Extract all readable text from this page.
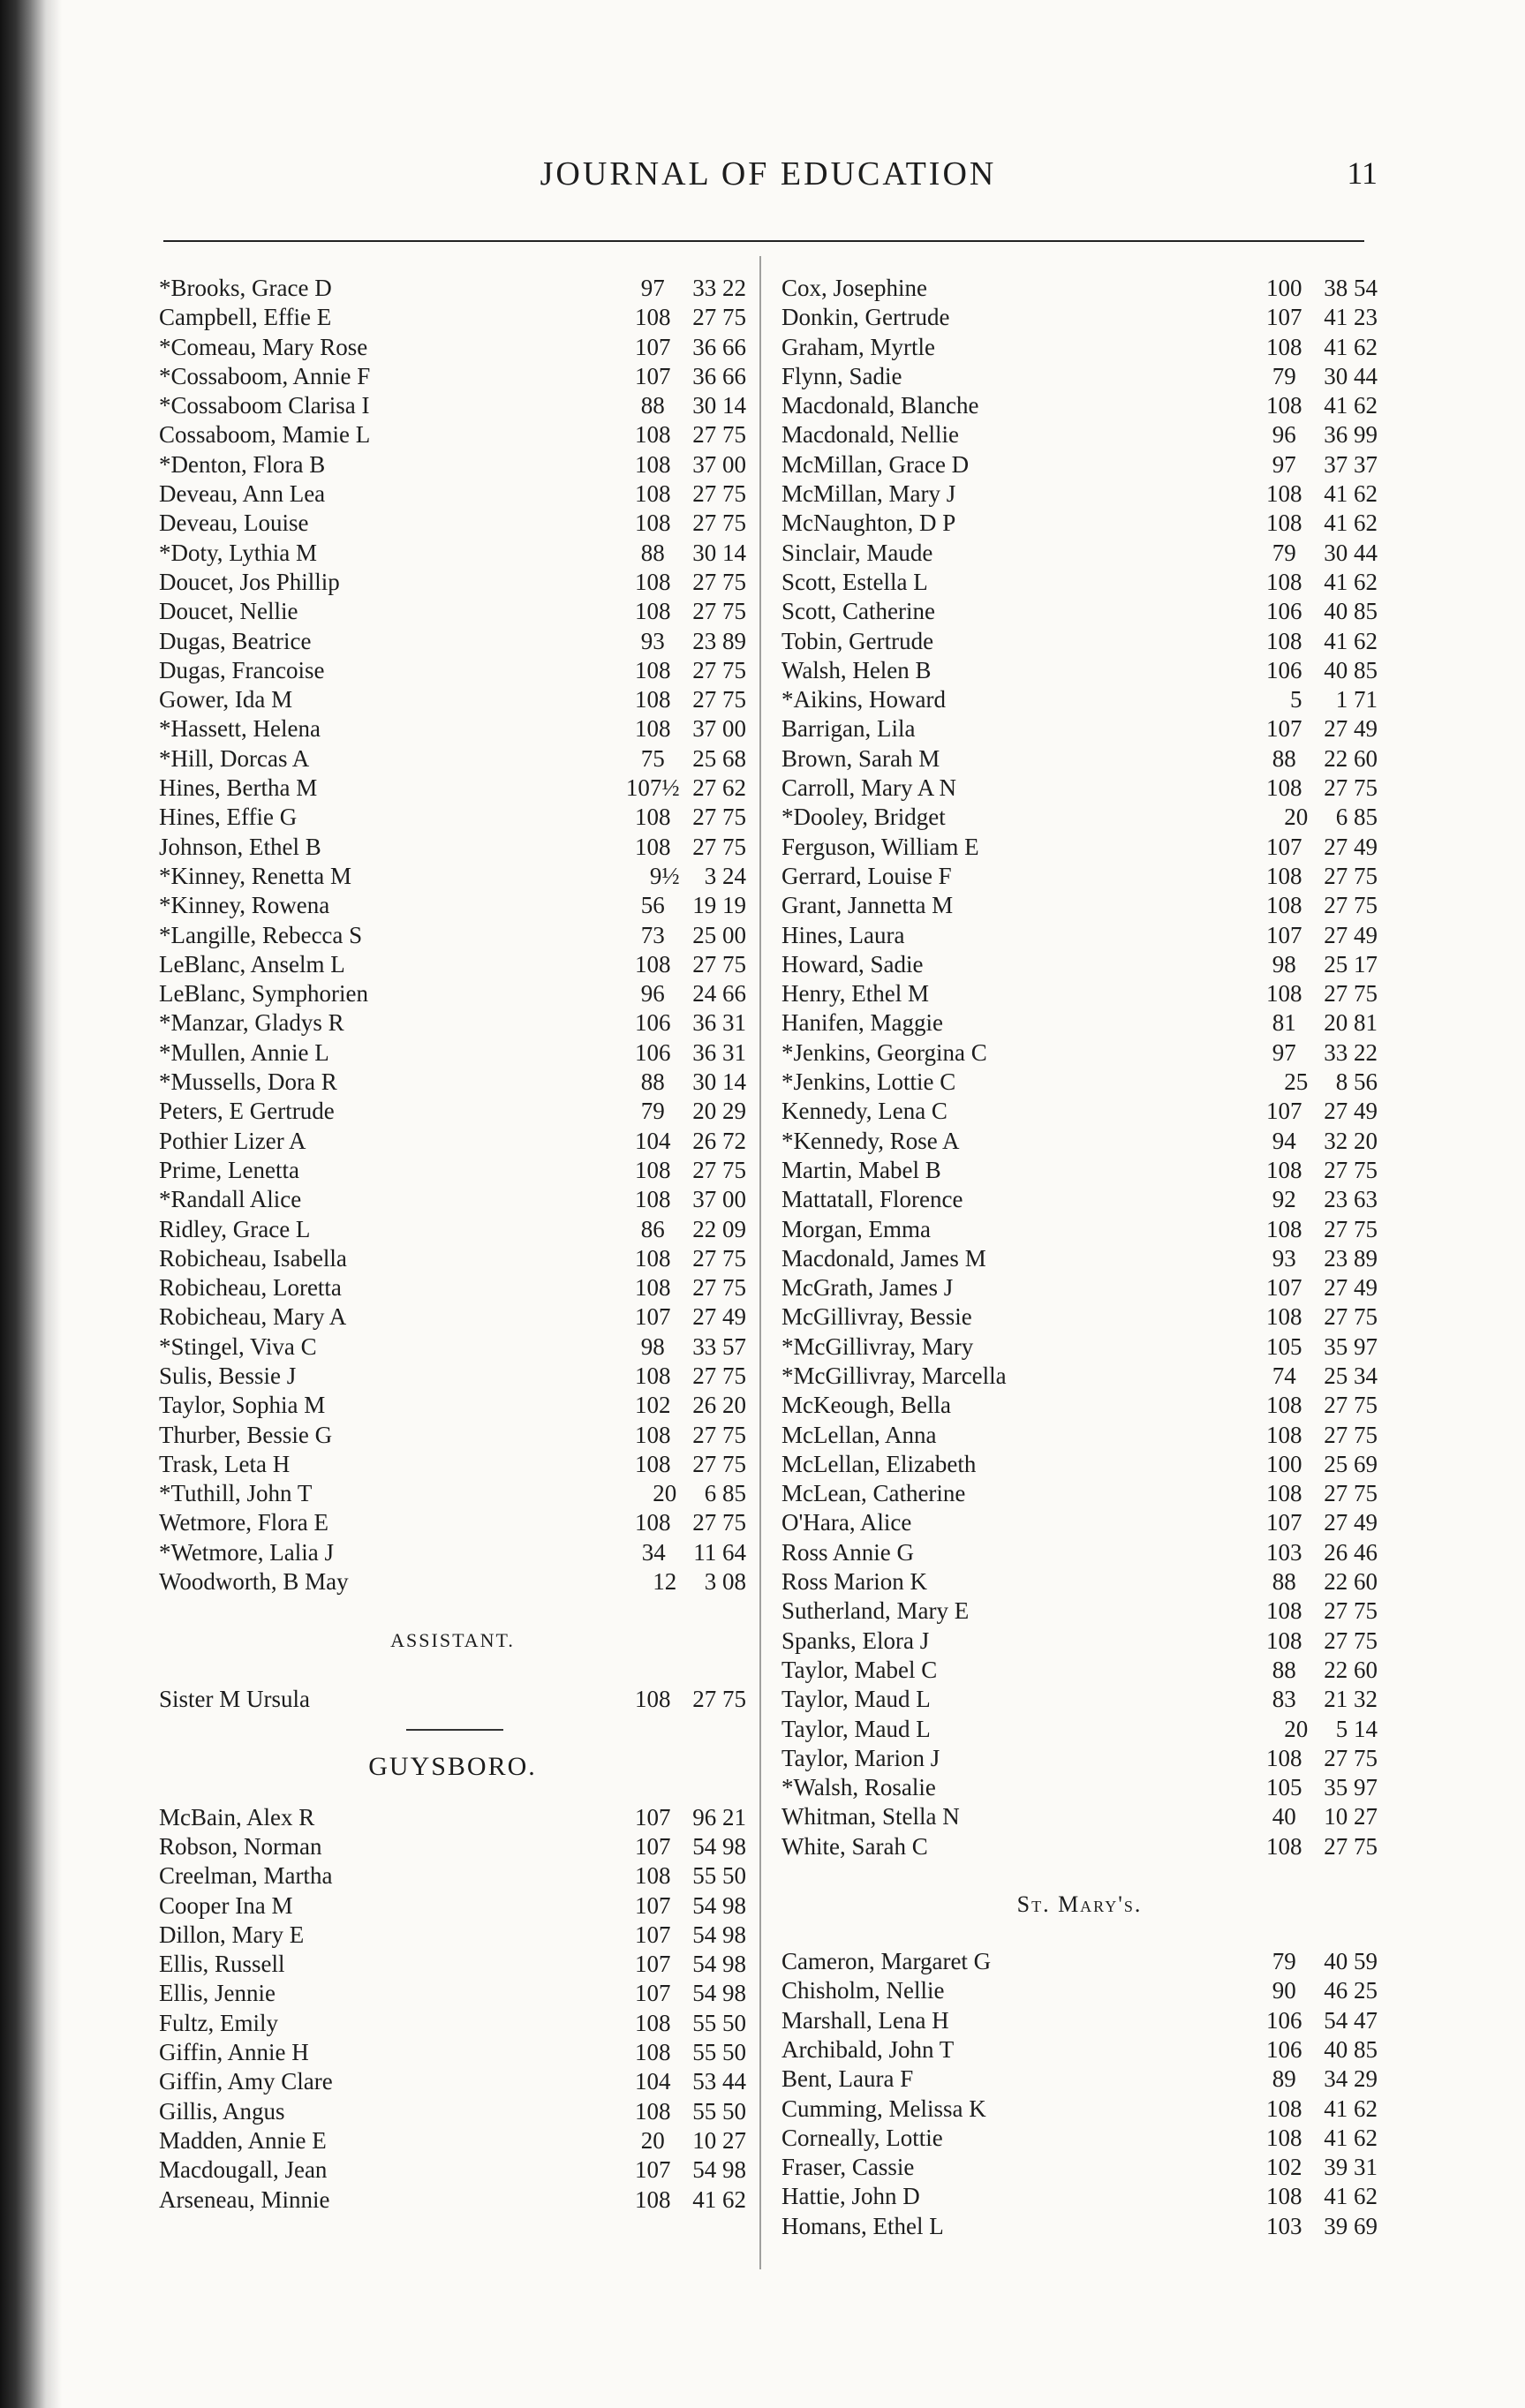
JOURNAL OF EDUCATION	11
*Brooks, Grace D	97	33 22
Campbell, Effie E	108 27 75
*Comeau, Mary Rose	107 36 66
*Cossaboom, Annie F	107 36 66
*Cossaboom Clarisa I	88	30 14
Cossaboom, Mamie L	108 27 75
*Denton, Flora B	108 37 00
Deveau, Ann Lea	108 27 75
Deveau, Louise	108 27 75
*Doty, Lythia M	88	30 14
Doucet, Jos Phillip	108 27 75
Doucet, Nellie	108 27 75
Dugas, Beatrice	93	23 89
Dugas, Francoise	108 27 75
Gower, Ida M	108 27 75
*Hassett, Helena	108 37 00
*Hill, Dorcas A	75	25 68
Hines, Bertha M	107½ 27 62
Hines, Effie G	108 27 75
Johnson, Ethel B	108 27 75
*Kinney, Renetta M	9½	3 24
*Kinney, Rowena	56	19 19
*Langille, Rebecca S	73	25 00
LeBlanc, Anselm L	108 27 75
LeBlanc, Symphorien	96	24 66
*Manzar, Gladys R	106 36 31
*Mullen, Annie L	106 36 31
*Mussells, Dora R	88	30 14
Peters, E Gertrude	79	20 29
Pothier Lizer A	104 26 72
Prime, Lenetta	108 27 75
*Randall Alice	108 37 00
Ridley, Grace L	86	22 09
Robicheau, Isabella	108 27 75
Robicheau, Loretta	108 27 75
Robicheau, Mary A	107 27 49
*Stingel, Viva C	98	33 57
Sulis, Bessie J	108 27 75
Taylor, Sophia M	102 26 20
Thurber, Bessie G	108 27 75
Trask, Leta H	108 27 75
*Tuthill, John T	20	6 85
Wetmore, Flora E	108 27 75
*Wetmore, Lalia J	34	11 64
Woodworth, B May	12	3 08
ASSISTANT.
Sister M Ursula	108 27 75
GUYSBORO.
McBain, Alex R	107 96 21
Robson, Norman	107 54 98
Creelman, Martha	108 55 50
Cooper Ina M	107 54 98
Dillon, Mary E	107 54 98
Ellis, Russell	107 54 98
Ellis, Jennie	107 54 98
Fultz, Emily	108 55 50
Giffin, Annie H	108 55 50
Giffin, Amy Clare	104 53 44
Gillis, Angus	108 55 50
Madden, Annie E	20	10 27
Macdougall, Jean	107 54 98
Arseneau, Minnie	108 41 62
Cox, Josephine	100 38 54
Donkin, Gertrude	107 41 23
Graham, Myrtle	108 41 62
Flynn, Sadie	79	30 44
Macdonald, Blanche	108 41 62
Macdonald, Nellie	96	36 99
McMillan, Grace D	97	37 37
McMillan, Mary J	108 41 62
McNaughton, D P	108 41 62
Sinclair, Maude	79	30 44
Scott, Estella L	108 41 62
Scott, Catherine	106 40 85
Tobin, Gertrude	108 41 62
Walsh, Helen B	106 40 85
*Aikins, Howard	5	1 71
Barrigan, Lila	107 27 49
Brown, Sarah M	88	22 60
Carroll, Mary A N	108 27 75
*Dooley, Bridget	20	6 85
Ferguson, William E	107 27 49
Gerrard, Louise F	108 27 75
Grant, Jannetta M	108 27 75
Hines, Laura	107 27 49
Howard, Sadie	98	25 17
Henry, Ethel M	108 27 75
Hanifen, Maggie	81	20 81
*Jenkins, Georgina C	97	33 22
*Jenkins, Lottie C	25	8 56
Kennedy, Lena C	107 27 49
*Kennedy, Rose A	94	32 20
Martin, Mabel B	108 27 75
Mattatall, Florence	92	23 63
Morgan, Emma	108 27 75
Macdonald, James M	93	23 89
McGrath, James J	107 27 49
McGillivray, Bessie	108 27 75
*McGillivray, Mary	105 35 97
*McGillivray, Marcella	74	25 34
McKeough, Bella	108 27 75
McLellan, Anna	108 27 75
McLellan, Elizabeth	100 25 69
McLean, Catherine	108 27 75
O'Hara, Alice	107 27 49
Ross Annie G	103 26 46
Ross Marion K	88	22 60
Sutherland, Mary E	108 27 75
Spanks, Elora J	108 27 75
Taylor, Mabel C	88	22 60
Taylor, Maud L	83	21 32
Taylor, Maud L	20	5 14
Taylor, Marion J	108 27 75
*Walsh, Rosalie	105 35 97
Whitman, Stella N	40	10 27
White, Sarah C	108 27 75
St. Mary's.
Cameron, Margaret G	79	40 59
Chisholm, Nellie	90	46 25
Marshall, Lena H	106 54 47
Archibald, John T	106 40 85
Bent, Laura F	89	34 29
Cumming, Melissa K	108 41 62
Corneally, Lottie	108 41 62
Fraser, Cassie	102 39 31
Hattie, John D	108 41 62
Homans, Ethel L	103 39 69
